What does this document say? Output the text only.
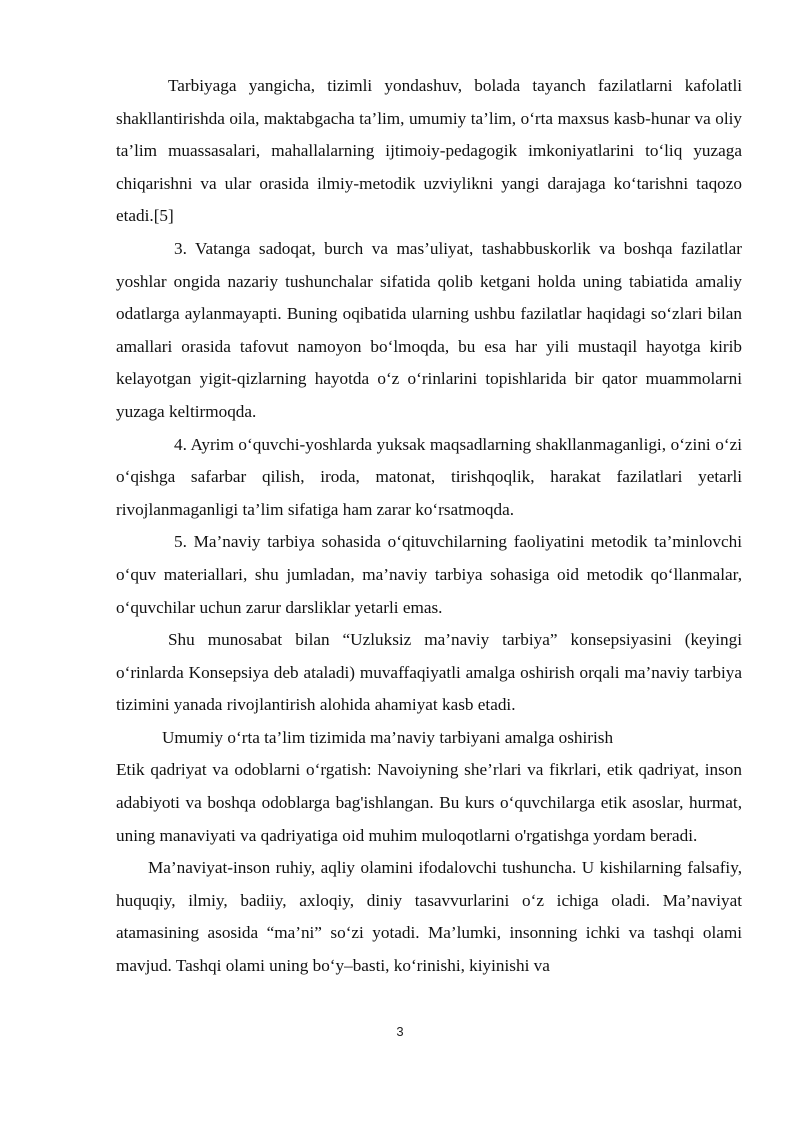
Tarbiyaga yangicha, tizimli yondashuv, bolada tayanch fazilatlarni kafolatli shakllantirishda oila, maktabgacha ta’lim, umumiy ta’lim, o‘rta maxsus kasb-hunar va oliy ta’lim muassasalari, mahallalarning ijtimoiy-pedagogik imkoniyatlarini to‘liq yuzaga chiqarishni va ular orasida ilmiy-metodik uzviylikni yangi darajaga ko‘tarishni taqozo etadi.[5]

3. Vatanga sadoqat, burch va mas’uliyat, tashabbuskorlik va boshqa fazilatlar yoshlar ongida nazariy tushunchalar sifatida qolib ketgani holda uning tabiatida amaliy odatlarga aylanmayapti. Buning oqibatida ularning ushbu fazilatlar haqidagi so‘zlari bilan amallari orasida tafovut namoyon bo‘lmoqda, bu esa har yili mustaqil hayotga kirib kelayotgan yigit-qizlarning hayotda o‘z o‘rinlarini topishlarida bir qator muammolarni yuzaga keltirmoqda.

4. Ayrim o‘quvchi-yoshlarda yuksak maqsadlarning shakllanmaganligi, o‘zini o‘zi o‘qishga safarbar qilish, iroda, matonat, tirishqoqlik, harakat fazilatlari yetarli rivojlanmaganligi ta’lim sifatiga ham zarar ko‘rsatmoqda.

5. Ma’naviy tarbiya sohasida o‘qituvchilarning faoliyatini metodik ta’minlovchi o‘quv materiallari, shu jumladan, ma’naviy tarbiya sohasiga oid metodik qo‘llanmalar, o‘quvchilar uchun zarur darsliklar yetarli emas.

Shu munosabat bilan “Uzluksiz ma’naviy tarbiya” konsepsiyasini (keyingi o‘rinlarda Konsepsiya deb ataladi) muvaffaqiyatli amalga oshirish orqali ma’naviy tarbiya tizimini yanada rivojlantirish alohida ahamiyat kasb etadi.

Umumiy o‘rta ta’lim tizimida ma’naviy tarbiyani amalga oshirish

Etik qadriyat va odoblarni o‘rgatish: Navoiyning she’rlari va fikrlari, etik qadriyat, inson adabiyoti va boshqa odoblarga bag'ishlangan. Bu kurs o‘quvchilarga etik asoslar, hurmat, uning manaviyati va qadriyatiga oid muhim muloqotlarni o'rgatishga yordam beradi.

Ma’naviyat-inson ruhiy, aqliy olamini ifodalovchi tushuncha. U kishilarning falsafiy, huquqiy, ilmiy, badiiy, axloqiy, diniy tasavvurlarini o‘z ichiga oladi. Ma’naviyat atamasining asosida “ma’ni” so‘zi yotadi. Ma’lumki, insonning ichki va tashqi olami mavjud. Tashqi olami uning bo‘y–basti, ko‘rinishi, kiyinishi va

3
